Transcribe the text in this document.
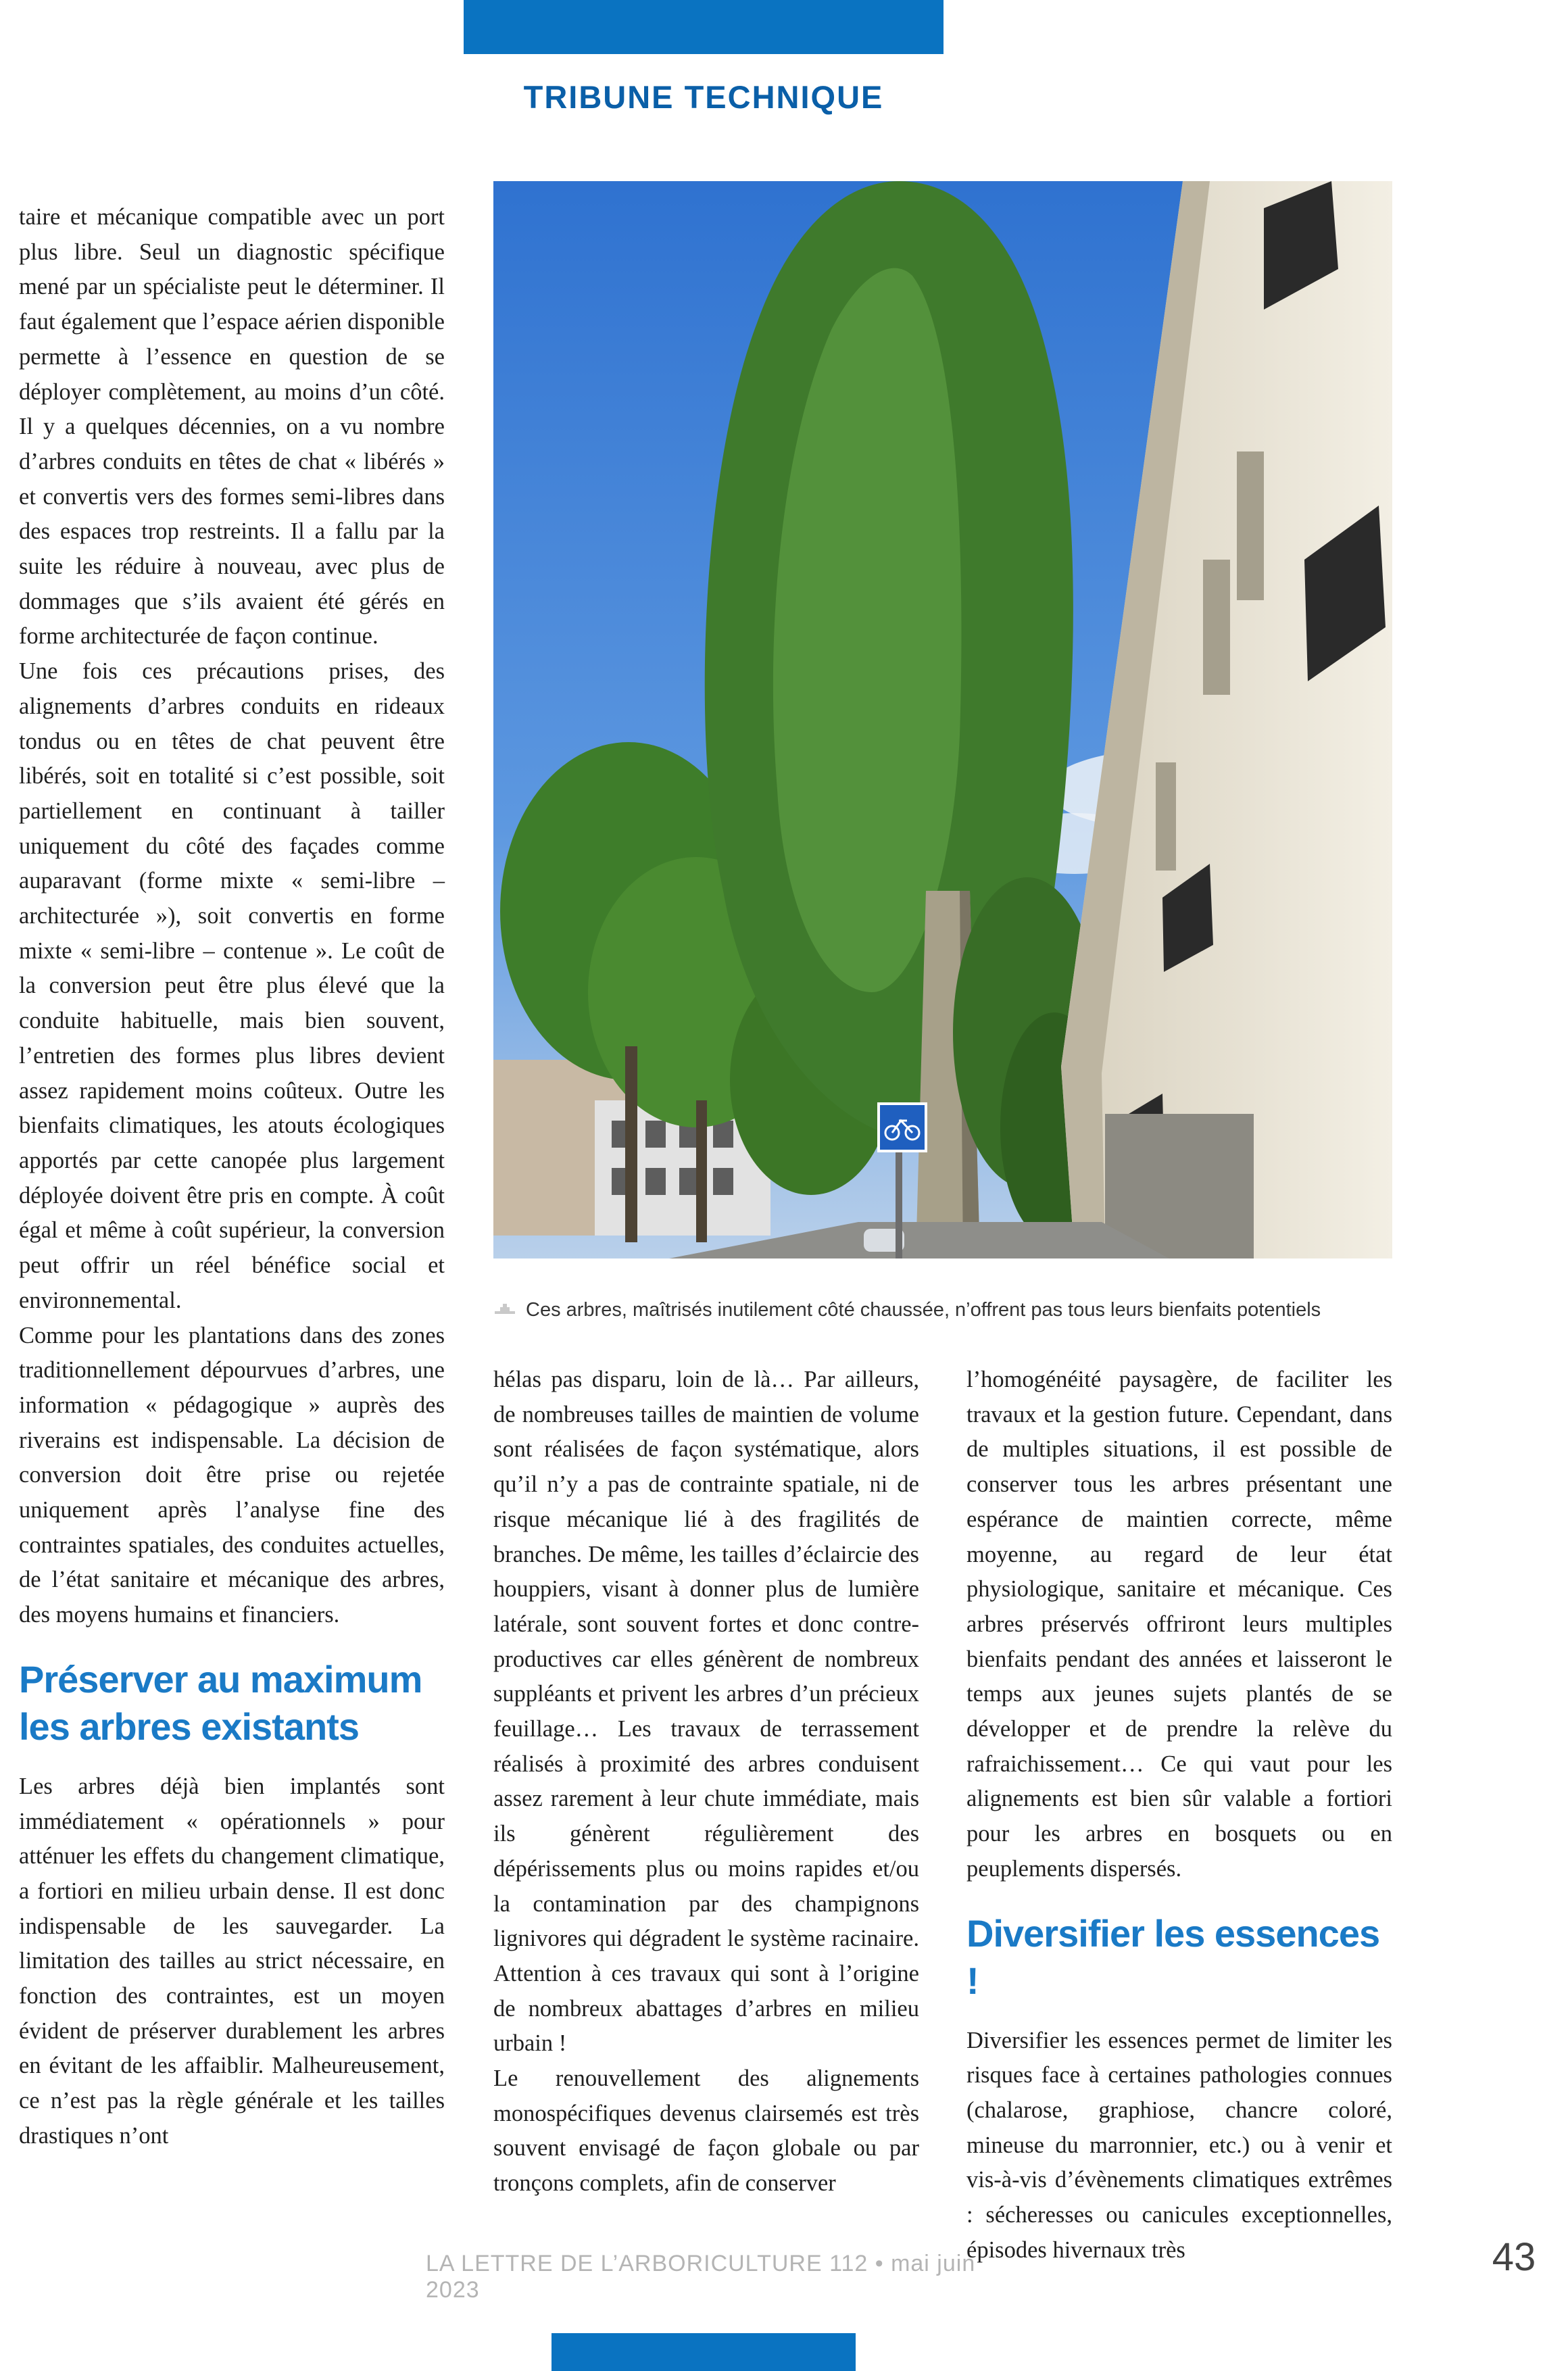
TRIBUNE TECHNIQUE

taire et mécanique compatible avec un port plus libre. Seul un diagnostic spécifique mené par un spécialiste peut le déterminer. Il faut également que l’espace aérien disponible permette à l’essence en question de se déployer complètement, au moins d’un côté. Il y a quelques décennies, on a vu nombre d’arbres conduits en têtes de chat « libérés » et convertis vers des formes semi-libres dans des espaces trop restreints. Il a fallu par la suite les réduire à nouveau, avec plus de dommages que s’ils avaient été gérés en forme architecturée de façon continue.

Une fois ces précautions prises, des alignements d’arbres conduits en rideaux tondus ou en têtes de chat peuvent être libérés, soit en totalité si c’est possible, soit partiellement en continuant à tailler uniquement du côté des façades comme auparavant (forme mixte « semi-libre – architecturée »), soit convertis en forme mixte « semi-libre – contenue ». Le coût de la conversion peut être plus élevé que la conduite habituelle, mais bien souvent, l’entretien des formes plus libres devient assez rapidement moins coûteux. Outre les bienfaits climatiques, les atouts écologiques apportés par cette canopée plus largement déployée doivent être pris en compte. À coût égal et même à coût supérieur, la conversion peut offrir un réel bénéfice social et environnemental.

Comme pour les plantations dans des zones traditionnellement dépourvues d’arbres, une information « pédagogique » auprès des riverains est indispensable. La décision de conversion doit être prise ou rejetée uniquement après l’analyse fine des contraintes spatiales, des conduites actuelles, de l’état sanitaire et mécanique des arbres, des moyens humains et financiers.

Préserver au maximum les arbres existants

Les arbres déjà bien implantés sont immédiatement « opérationnels » pour atténuer les effets du changement climatique, a fortiori en milieu urbain dense. Il est donc indispensable de les sauvegarder. La limitation des tailles au strict nécessaire, en fonction des contraintes, est un moyen évident de préserver durablement les arbres en évitant de les affaiblir. Malheureusement, ce n’est pas la règle générale et les tailles drastiques n’ont

Ces arbres, maîtrisés inutilement côté chaussée, n’offrent pas tous leurs bienfaits potentiels

hélas pas disparu, loin de là… Par ailleurs, de nombreuses tailles de maintien de volume sont réalisées de façon systématique, alors qu’il n’y a pas de contrainte spatiale, ni de risque mécanique lié à des fragilités de branches. De même, les tailles d’éclaircie des houppiers, visant à donner plus de lumière latérale, sont souvent fortes et donc contre-productives car elles génèrent de nombreux suppléants et privent les arbres d’un précieux feuillage… Les travaux de terrassement réalisés à proximité des arbres conduisent assez rarement à leur chute immédiate, mais ils génèrent régulièrement des dépérissements plus ou moins rapides et/ou la contamination par des champignons lignivores qui dégradent le système racinaire. Attention à ces travaux qui sont à l’origine de nombreux abattages d’arbres en milieu urbain !

Le renouvellement des alignements monospécifiques devenus clairsemés est très souvent envisagé de façon globale ou par tronçons complets, afin de conserver

l’homogénéité paysagère, de faciliter les travaux et la gestion future. Cependant, dans de multiples situations, il est possible de conserver tous les arbres présentant une espérance de maintien correcte, même moyenne, au regard de leur état physiologique, sanitaire et mécanique. Ces arbres préservés offriront leurs multiples bienfaits pendant des années et laisseront le temps aux jeunes sujets plantés de se développer et de prendre la relève du rafraichissement… Ce qui vaut pour les alignements est bien sûr valable a fortiori pour les arbres en bosquets ou en peuplements dispersés.

Diversifier les essences !

Diversifier les essences permet de limiter les risques face à certaines pathologies connues (chalarose, graphiose, chancre coloré, mineuse du marronnier, etc.) ou à venir et vis-à-vis d’évènements climatiques extrêmes : sécheresses ou canicules exceptionnelles, épisodes hivernaux très

LA LETTRE DE L’ARBORICULTURE 112 • mai juin 2023
43
